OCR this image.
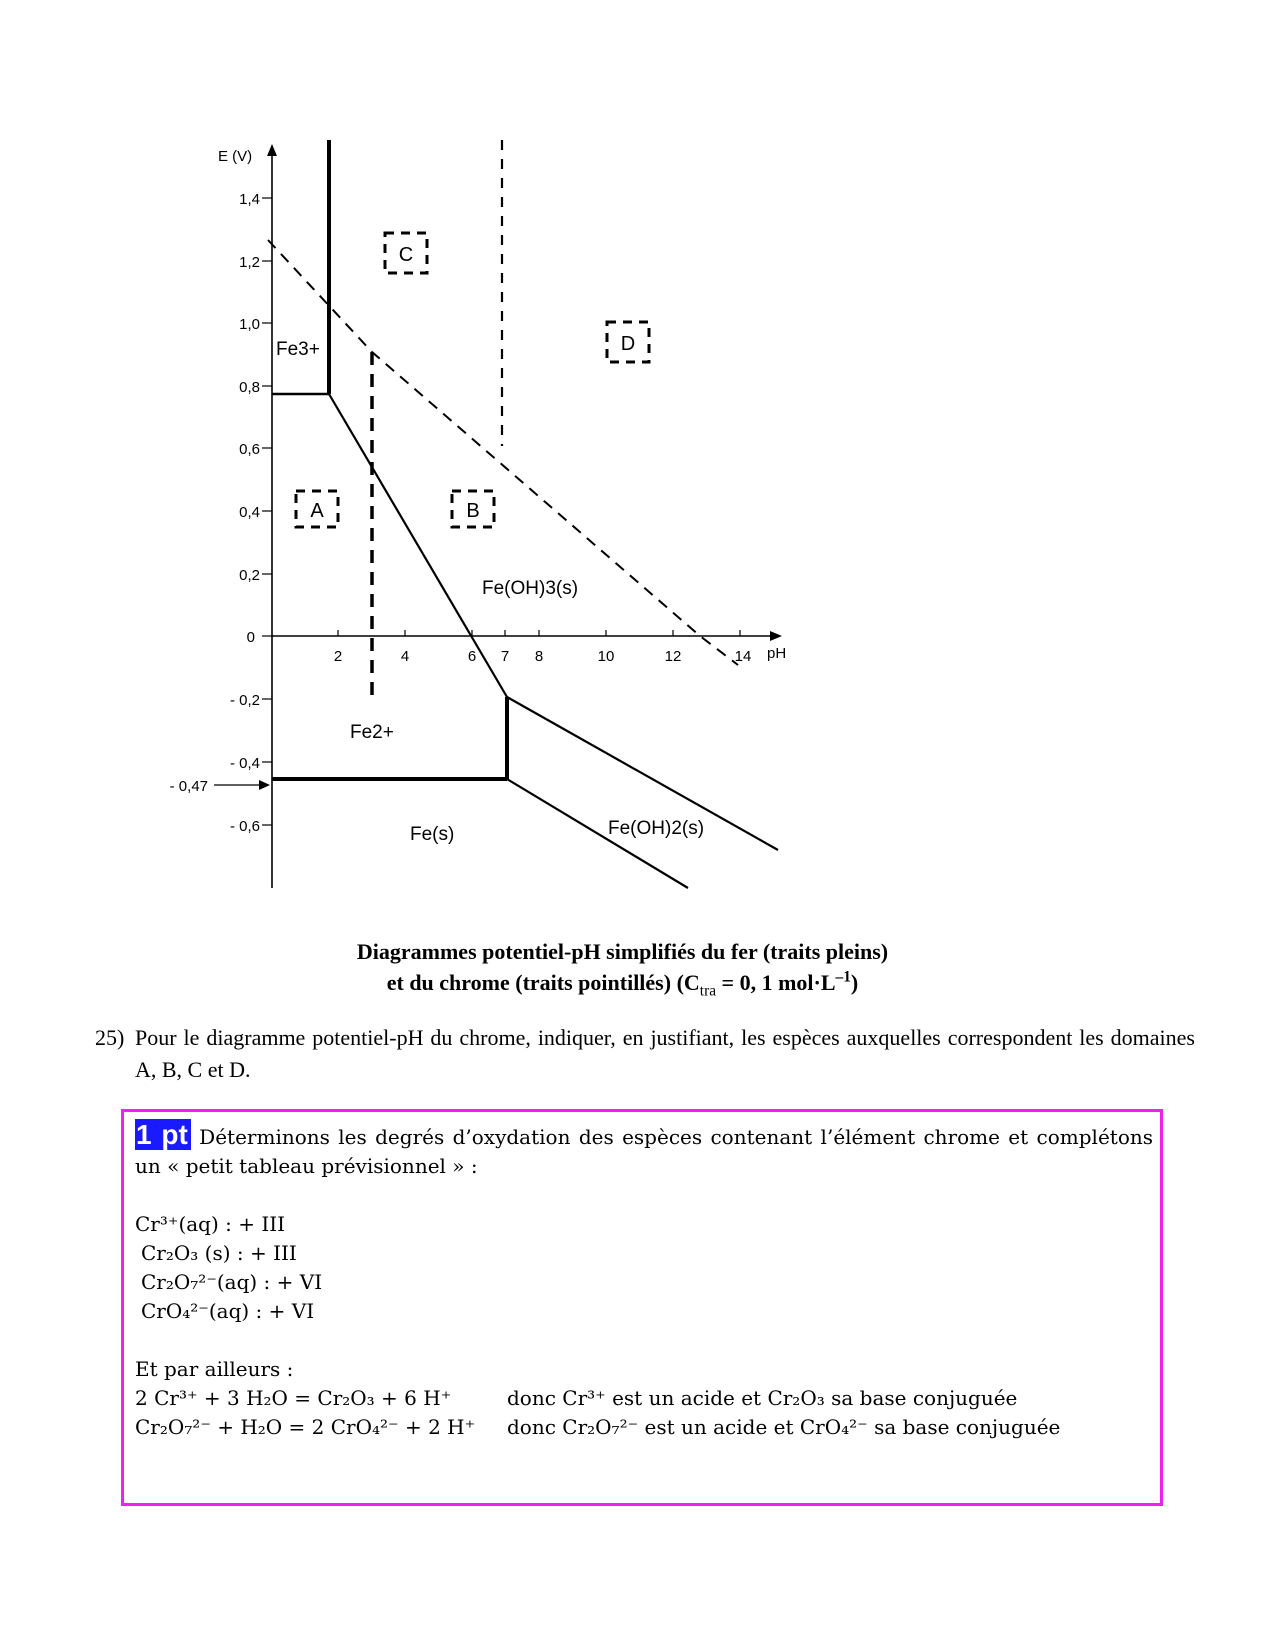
E (V)
pH
1,4
1,2
1,0
0,8
0,6
0,4
0,2
0
- 0,2
- 0,4
- 0,6
- 0,47
2	4	6 7 8	10	12	14
Fe3+
Fe2+
Fe(OH)3(s)
Fe(OH)2(s)
Fe(s)
A	B
C
D
Diagrammes potentiel-pH simplifiés du fer (traits pleins)
et du chrome (traits pointillés) ($C_{tra} = 0$, 1 $mol\cdot L^{-1}$)
25) Pour le diagramme potentiel-pH du chrome, indiquer, en justifiant, les espèces auxquelles correspondent les domaines A, B, C et D.
1 pt Déterminons les degrés d’oxydation des espèces contenant l’élément chrome et complétons un « petit tableau prévisionnel » :
Cr³⁺(aq) : + III
Cr₂O₃ (s) : + III
Cr₂O₇²⁻(aq) : + VI
CrO₄²⁻(aq) : + VI
Et par ailleurs :
2 Cr³⁺ + 3 H₂O = Cr₂O₃ + 6 H⁺	donc Cr³⁺ est un acide et Cr₂O₃ sa base conjuguée
Cr₂O₇²⁻ + H₂O = 2 CrO₄²⁻ + 2 H⁺	donc Cr₂O₇²⁻ est un acide et CrO₄²⁻ sa base conjuguée
